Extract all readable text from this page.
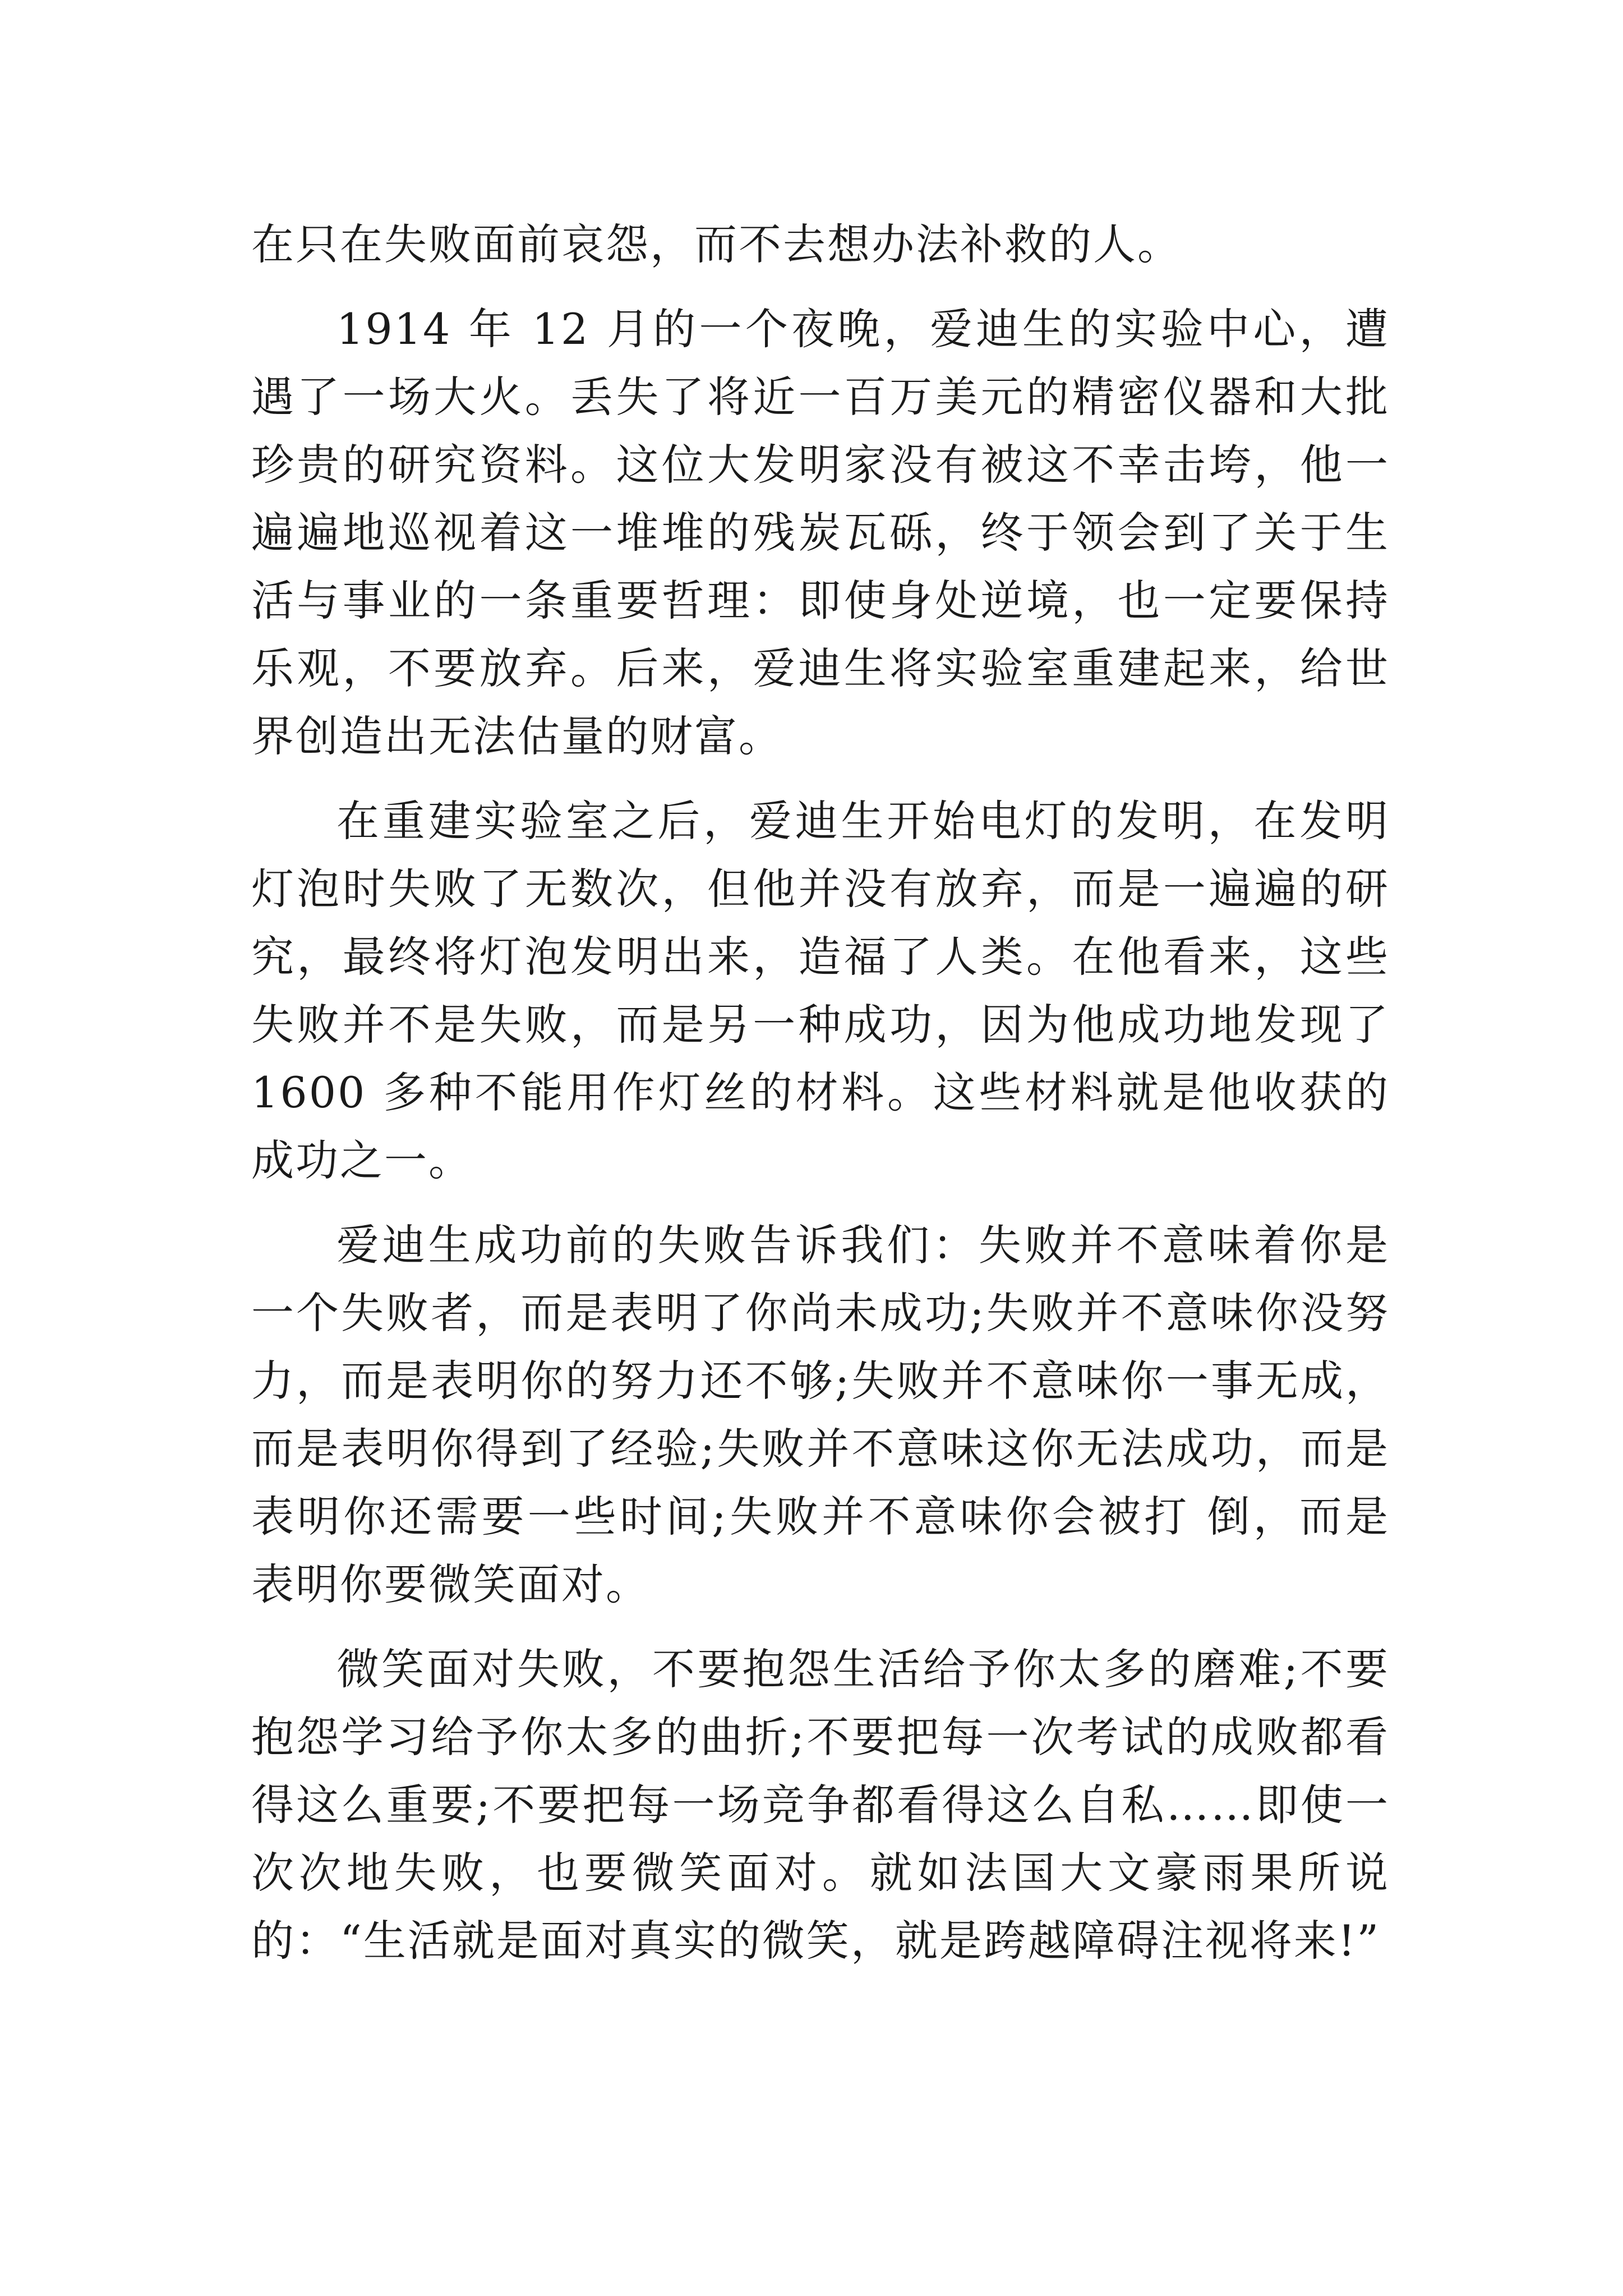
在只在失败面前哀怨，而不去想办法补救的人。

1914 年 12 月的一个夜晚，爱迪生的实验中心，遭遇了一场大火。丢失了将近一百万美元的精密仪器和大批珍贵的研究资料。这位大发明家没有被这不幸击垮，他一遍遍地巡视着这一堆堆的残炭瓦砾，终于领会到了关于生活与事业的一条重要哲理：即使身处逆境，也一定要保持乐观，不要放弃。后来，爱迪生将实验室重建起来，给世界创造出无法估量的财富。

在重建实验室之后，爱迪生开始电灯的发明，在发明灯泡时失败了无数次，但他并没有放弃，而是一遍遍的研究，最终将灯泡发明出来，造福了人类。在他看来，这些失败并不是失败，而是另一种成功，因为他成功地发现了 1600 多种不能用作灯丝的材料。这些材料就是他收获的成功之一。

爱迪生成功前的失败告诉我们：失败并不意味着你是一个失败者，而是表明了你尚未成功;失败并不意味你没努力，而是表明你的努力还不够;失败并不意味你一事无成，而是表明你得到了经验;失败并不意味这你无法成功，而是表明你还需要一些时间;失败并不意味你会被打 倒，而是表明你要微笑面对。

微笑面对失败，不要抱怨生活给予你太多的磨难;不要抱怨学习给予你太多的曲折;不要把每一次考试的成败都看得这么重要;不要把每一场竞争都看得这么自私……即使一次次地失败，也要微笑面对。就如法国大文豪雨果所说的：“生活就是面对真实的微笑，就是跨越障碍注视将来!”
